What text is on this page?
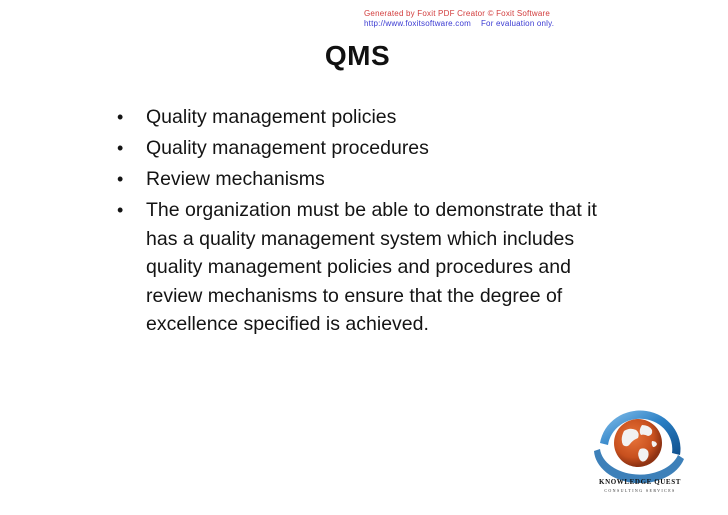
Generated by Foxit PDF Creator © Foxit Software
http://www.foxitsoftware.com For evaluation only.
QMS
• Quality management policies
• Quality management procedures
• Review mechanisms
• The organization must be able to demonstrate that it has a quality management system which includes quality management policies and procedures and review mechanisms to ensure that the degree of excellence specified is achieved.
KNOWLEDGE QUEST
CONSULTING SERVICES
